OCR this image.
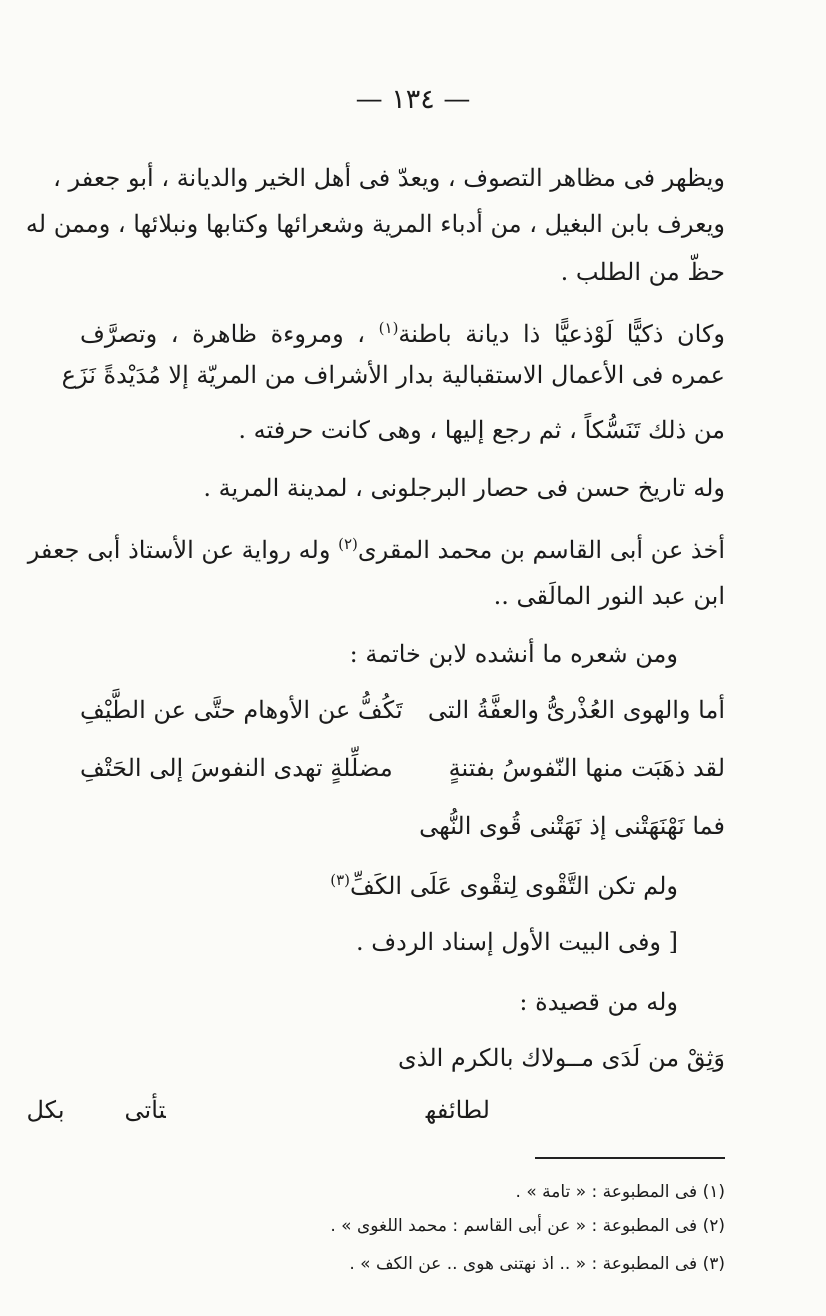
— ١٣٤ —
ويظهر فى مظاهر التصوف ، ويعدّ فى أهل الخير والديانة ، أبو جعفر ،
ويعرف بابن البغيل ، من أدباء المرية وشعرائها وكتابها ونبلائها ، وممن له
حظّ من الطلب .
وكان ذكيًّا لَوْذعيًّا ذا ديانة باطنة$^{(١)}$ ، ومروءة ظاهرة ، وتصرَّف
عمره فى الأعمال الاستقبالية بدار الأشراف من المريّة إلا مُدَيْدةً نَزَع
من ذلك تَنَسُّكاً ، ثم رجع إليها ، وهى كانت حرفته .
وله تاريخ حسن فى حصار البرجلونى ، لمدينة المرية .
أخذ عن أبى القاسم بن محمد المقرى$^{(٢)}$ وله رواية عن الأستاذ أبى جعفر
ابن عبد النور المالَقى ..
ومن شعره ما أنشده لابن خاتمة :
أما والهوى العُذْرىُّ والعفَّةُ التى
تَكُفُّ عن الأوهام حتَّى عن الطَّيْفِ
لقد ذهَبَت منها النّفوسُ بفتنةٍ
مضلِّلةٍ تهدى النفوسَ إلى الحَتْفِ
فما نَهْنَهَتْنى إذ نَهَتْنى قُوى النُّهى
ولم تكن التَّقْوى لِتقْوى عَلَى الكَفِّ$^{(٣)}$
[ وفى البيت الأول إسناد الردف .
وله من قصيدة :
وَثِقْ من لَدَى مــولاك بالكرم الذى
لطائفهتأتىبكل
(١) فى المطبوعة : « تامة » .
(٢) فى المطبوعة : « عن أبى القاسم : محمد اللغوى » .
(٣) فى المطبوعة : « .. اذ نهتنى هوى .. عن الكف » .
